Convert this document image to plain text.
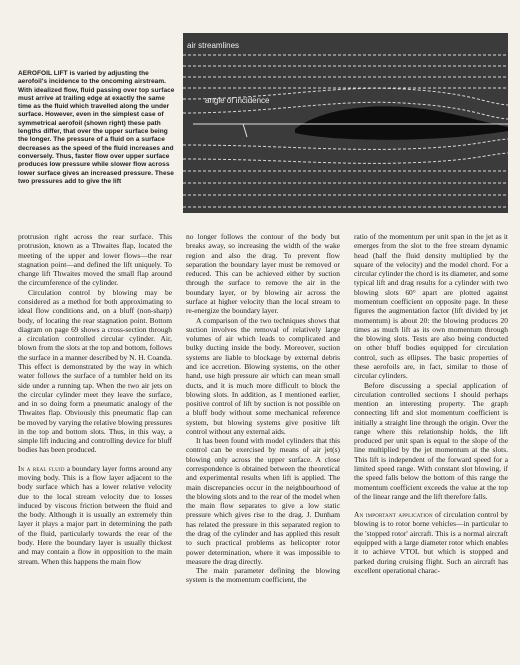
AEROFOIL LIFT is varied by adjusting the aerofoil's incidence to the oncoming airstream. With idealized flow, fluid passing over top surface must arrive at trailing edge at exactly the same time as the fluid which travelled along the under surface. However, even in the simplest case of symmetrical aerofoil (shown right) these path lengths differ, that over the upper surface being the longer. The pressure of a fluid on a surface decreases as the speed of the fluid increases and conversely. Thus, faster flow over upper surface produces low pressure while slower flow across lower surface gives an increased pressure. These two pressures add to give the lift
air streamlines
angle of incidence

protrusion right across the rear surface. This protrusion, known as a Thwaites flap, located the meeting of the upper and lower flows—the rear stagnation point—and defined the lift uniquely. To change lift Thwaites moved the small flap around the circumference of the cylinder.

Circulation control by blowing may be considered as a method for both approximating to ideal flow conditions and, on a bluff (non-sharp) body, of locating the rear stagnation point. Bottom diagram on page 69 shows a cross-section through a circulation controlled circular cylinder. Air, blown from the slots at the top and bottom, follows the surface in a manner described by N. H. Coanda. This effect is demonstrated by the way in which water follows the surface of a tumbler held on its side under a running tap. When the two air jets on the circular cylinder meet they leave the surface, and in so doing form a pneumatic analogy of the Thwaites flap. Obviously this pneumatic flap can be moved by varying the relative blowing pressures in the top and bottom slots. Thus, in this way, a simple lift inducing and controlling device for bluff bodies has been produced.

In a real fluid a boundary layer forms around any moving body. This is a flow layer adjacent to the body surface which has a lower relative velocity due to the local stream velocity due to losses induced by viscous friction between the fluid and the body. Although it is usually an extremely thin layer it plays a major part in determining the path of the fluid, particularly towards the rear of the body. Here the boundary layer is usually thickest and may contain a flow in opposition to the main stream. When this happens the main flow

no longer follows the contour of the body but breaks away, so increasing the width of the wake region and also the drag. To prevent flow separation the boundary layer must be removed or reduced. This can be achieved either by suction through the surface to remove the air in the boundary layer, or by blowing air across the surface at higher velocity than the local stream to re-energize the boundary layer.

A comparison of the two techniques shows that suction involves the removal of relatively large volumes of air which leads to complicated and bulky ducting inside the body. Moreover, suction systems are liable to blockage by external debris and ice accretion. Blowing systems, on the other hand, use high pressure air which can mean small ducts, and it is much more difficult to block the blowing slots. In addition, as I mentioned earlier, positive control of lift by suction is not possible on a bluff body without some mechanical reference system, but blowing systems give positive lift control without any external aids.

It has been found with model cylinders that this control can be exercised by means of air jet(s) blowing only across the upper surface. A close correspondence is obtained between the theoretical and experimental results when lift is applied. The main discrepancies occur in the neighbourhood of the blowing slots and to the rear of the model when the main flow separates to give a low static pressure which gives rise to the drag. J. Dunham has related the pressure in this separated region to the drag of the cylinder and has applied this result to such practical problems as helicopter rotor power determination, where it was impossible to measure the drag directly.

The main parameter defining the blowing system is the momentum coefficient, the

ratio of the momentum per unit span in the jet as it emerges from the slot to the free stream dynamic head (half the fluid density multiplied by the square of the velocity) and the model chord. For a circular cylinder the chord is its diameter, and some typical lift and drag results for a cylinder with two blowing slots 60° apart are plotted against momentum coefficient on opposite page. In these figures the augmentation factor (lift divided by jet momentum) is about 20: the blowing produces 20 times as much lift as its own momentum through the blowing slots. Tests are also being conducted on other bluff bodies equipped for circulation control, such as ellipses. The basic properties of these aerofoils are, in fact, similar to those of circular cylinders.

Before discussing a special application of circulation controlled sections I should perhaps mention an interesting property. The graph connecting lift and slot momentum coefficient is initially a straight line through the origin. Over the range where this relationship holds, the lift produced per unit span is equal to the slope of the line multiplied by the jet momentum at the slots. This lift is independent of the forward speed for a limited speed range. With constant slot blowing, if the speed falls below the bottom of this range the momentum coefficient exceeds the value at the top of the linear range and the lift therefore falls.

An important application of circulation control by blowing is to rotor borne vehicles—in particular to the 'stopped rotor' aircraft. This is a normal aircraft equipped with a large diameter rotor which enables it to achieve VTOL but which is stopped and parked during cruising flight. Such an aircraft has excellent operational charac-
